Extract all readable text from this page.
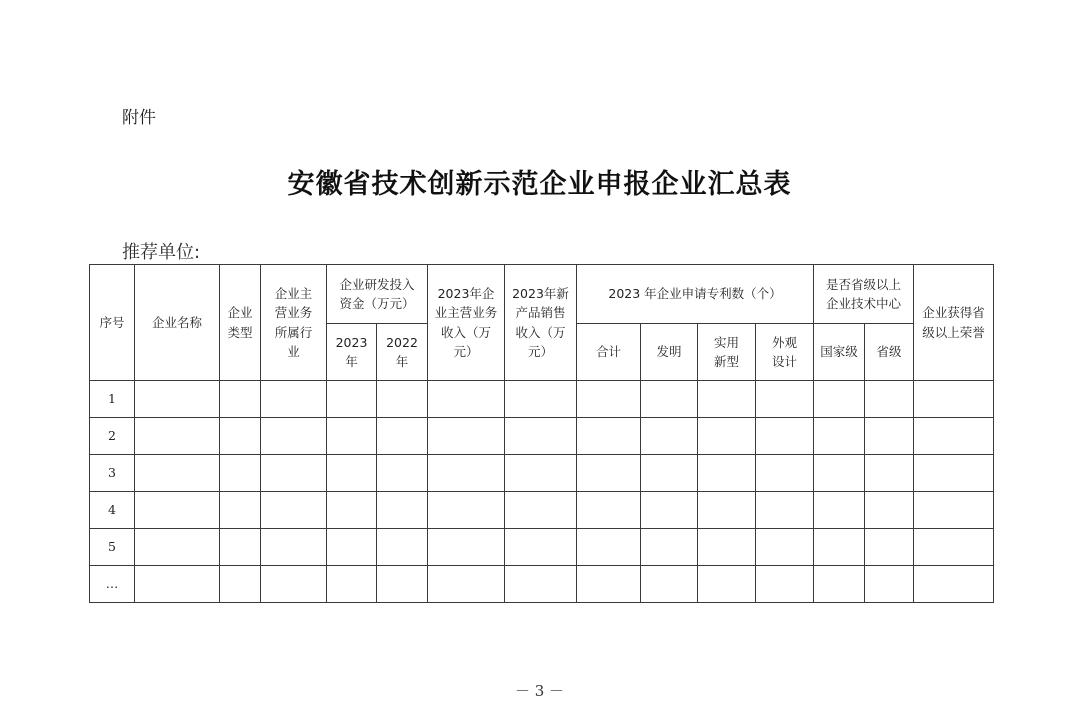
附件
安徽省技术创新示范企业申报企业汇总表
推荐单位:
序号	企业名称	企业类型	企业主营业务所属行业	企业研发投入资金（万元）		2023年企业主营业务收入（万元）	2023年新产品销售收入（万元）	2023 年企业申请专利数（个）				是否省级以上企业技术中心		企业获得省级以上荣誉
				2023年	2022年			合计	发明	实用新型	外观设计	国家级	省级	
1														
2														
3														
4														
5														
…														
－ 3 －
